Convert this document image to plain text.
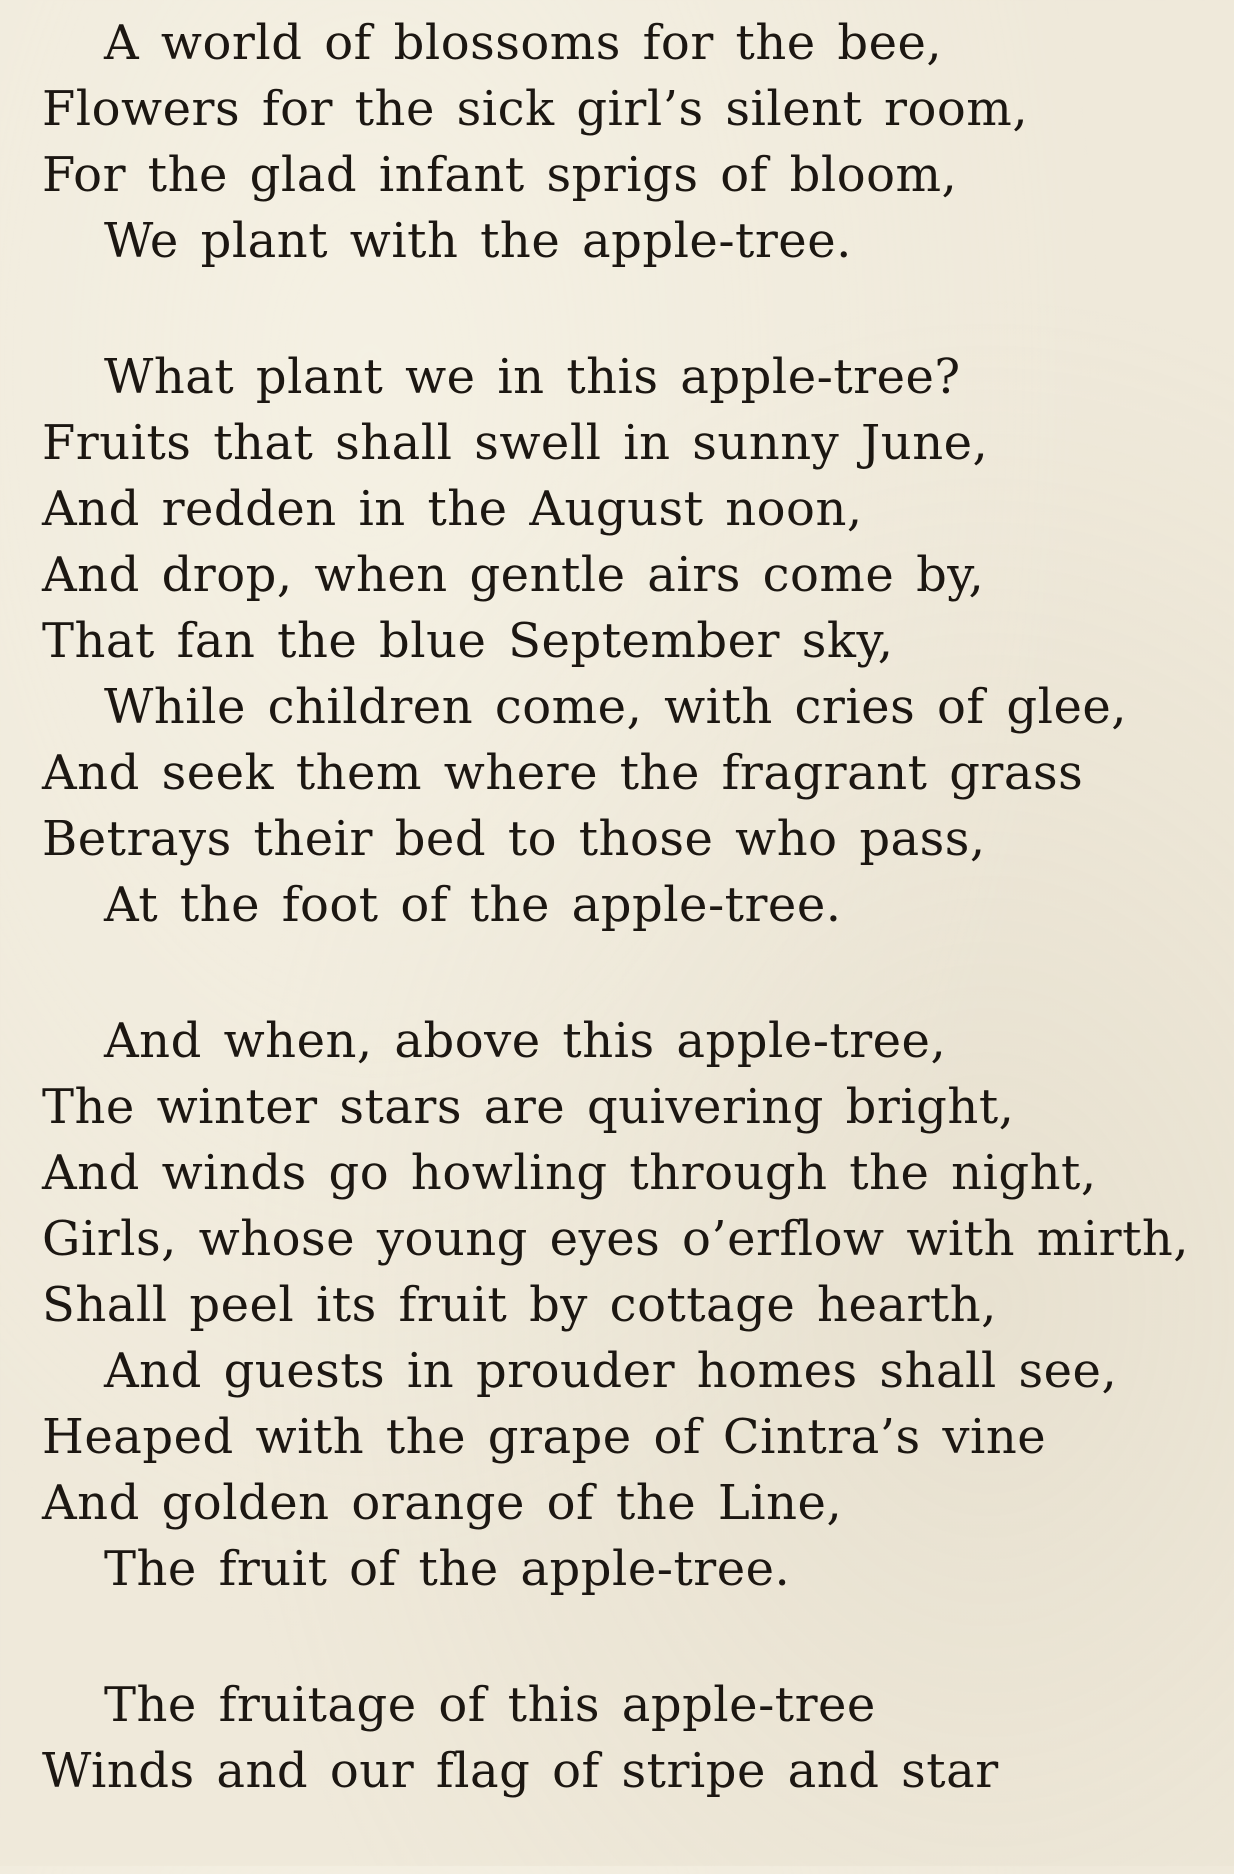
A world of blossoms for the bee,
Flowers for the sick girl’s silent room,
For the glad infant sprigs of bloom,
We plant with the apple-tree.
What plant we in this apple-tree?
Fruits that shall swell in sunny June,
And redden in the August noon,
And drop, when gentle airs come by,
That fan the blue September sky,
While children come, with cries of glee,
And seek them where the fragrant grass
Betrays their bed to those who pass,
At the foot of the apple-tree.
And when, above this apple-tree,
The winter stars are quivering bright,
And winds go howling through the night,
Girls, whose young eyes o’erflow with mirth,
Shall peel its fruit by cottage hearth,
And guests in prouder homes shall see,
Heaped with the grape of Cintra’s vine
And golden orange of the Line,
The fruit of the apple-tree.
The fruitage of this apple-tree
Winds and our flag of stripe and star
